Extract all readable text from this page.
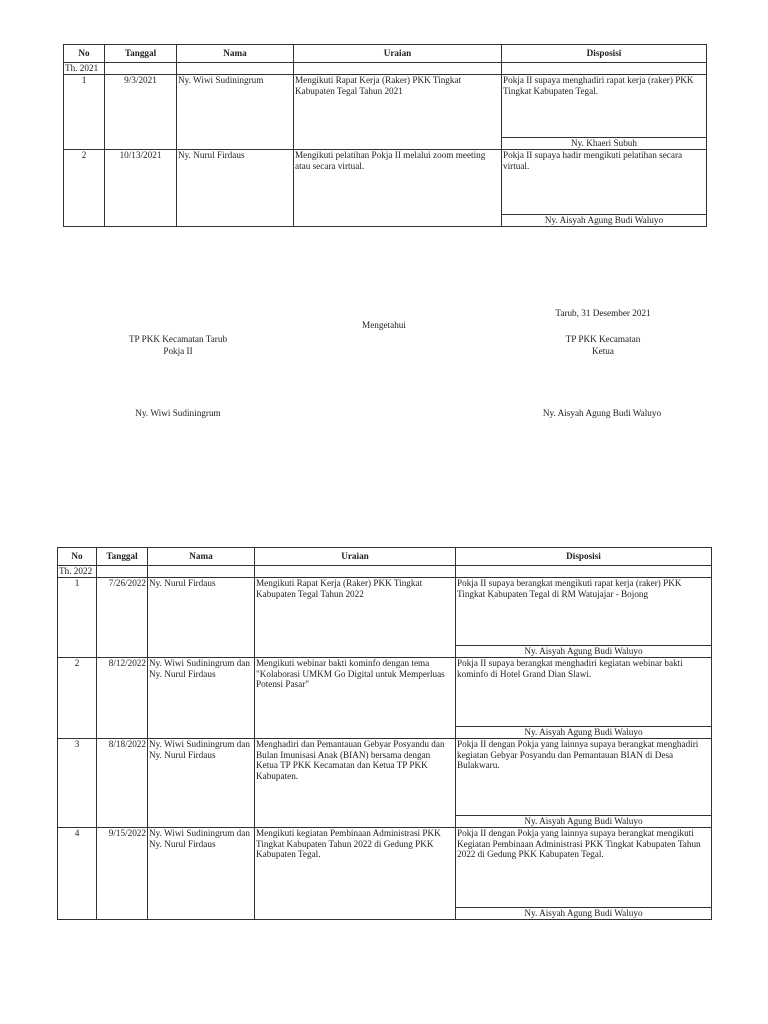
No	Tanggal	Nama	Uraian	Disposisi
Th. 2021				
1	9/3/2021	Ny. Wiwi Sudiningrum	Mengikuti Rapat Kerja (Raker) PKK Tingkat Kabupaten Tegal Tahun 2021	Pokja II supaya menghadiri rapat kerja (raker) PKK Tingkat Kabupaten Tegal.
				Ny. Khaeri Subuh
2	10/13/2021	Ny. Nurul Firdaus	Mengikuti pelatihan Pokja II melalui zoom meeting atau secara virtual.	Pokja II supaya hadir mengikuti pelatihan secara virtual.
				Ny. Aisyah Agung Budi Waluyo
Tarub, 31 Desember 2021
Mengetahui
TP PKK Kecamatan Tarub
Pokja II
TP PKK Kecamatan
Ketua
Ny. Wiwi Sudiningrum	Ny. Aisyah Agung Budi Waluyo
No	Tanggal	Nama	Uraian	Disposisi
Th. 2022				
1	7/26/2022	Ny. Nurul Firdaus	Mengikuti Rapat Kerja (Raker) PKK Tingkat Kabupaten Tegal Tahun 2022	Pokja II supaya berangkat mengikuti rapat kerja (raker) PKK Tingkat Kabupaten Tegal di RM Watujajar - Bojong
				Ny. Aisyah Agung Budi Waluyo
2	8/12/2022	Ny. Wiwi Sudiningrum dan Ny. Nurul Firdaus	Mengikuti webinar bakti kominfo dengan tema "Kolaborasi UMKM Go Digital untuk Memperluas Potensi Pasar"	Pokja II supaya berangkat menghadiri kegiatan webinar bakti kominfo di Hotel Grand Dian Slawi.
				Ny. Aisyah Agung Budi Waluyo
3	8/18/2022	Ny. Wiwi Sudiningrum dan Ny. Nurul Firdaus	Menghadiri dan Pemantauan Gebyar Posyandu dan Bulan Imunisasi Anak (BIAN) bersama dengan Ketua TP PKK Kecamatan dan Ketua TP PKK Kabupaten.	Pokja II dengan Pokja yang lainnya supaya berangkat menghadiri kegiatan Gebyar Posyandu dan Pemantauan BIAN di Desa Bulakwaru.
				Ny. Aisyah Agung Budi Waluyo
4	9/15/2022	Ny. Wiwi Sudiningrum dan Ny. Nurul Firdaus	Mengikuti kegiatan Pembinaan Administrasi PKK Tingkat Kabupaten Tahun 2022 di Gedung PKK Kabupaten Tegal.	Pokja II dengan Pokja yang lainnya supaya berangkat mengikuti Kegiatan Pembinaan Administrasi PKK Tingkat Kabupaten Tahun 2022 di Gedung PKK Kabupaten Tegal.
				Ny. Aisyah Agung Budi Waluyo
